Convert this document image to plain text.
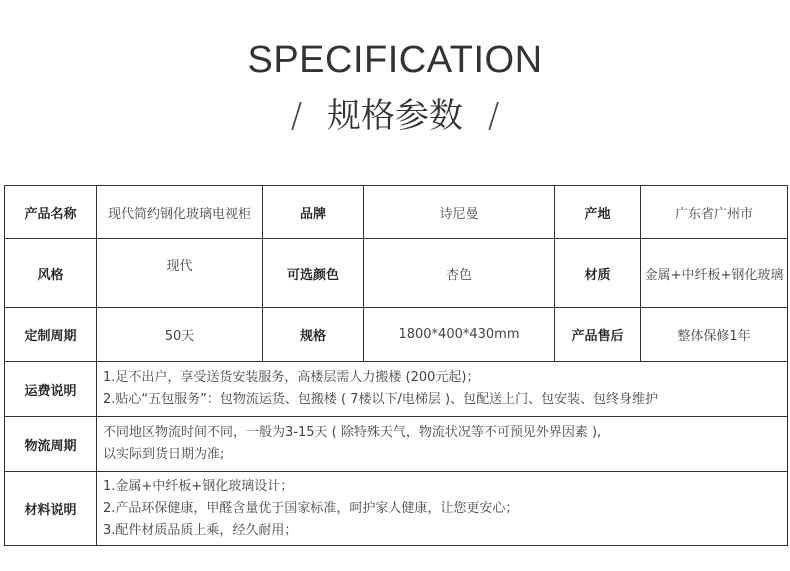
SPECIFICATION
/ 规格参数 /
产品名称	现代简约钢化玻璃电视柜	品牌	诗尼曼	产地	广东省广州市
风格	现代	可选颜色	杏色	材质	金属+中纤板+钢化玻璃
定制周期	50天	规格	1800*400*430mm	产品售后	整体保修1年
运费说明	1.足不出户，享受送货安装服务，高楼层需人力搬楼 (200元起)；
2.贴心“五包服务”：包物流运货、包搬楼 ( 7楼以下/电梯层 )、包配送上门、包安装、包终身维护				

物流周期	不同地区物流时间不同，一般为3-15天 ( 除特殊天气，物流状况等不可预见外界因素 ),
以实际到货日期为准;				

材料说明	1.金属+中纤板+钢化玻璃设计；
2.产品环保健康，甲醛含量优于国家标准，呵护家人健康，让您更安心；
3.配件材质品质上乘，经久耐用；				
